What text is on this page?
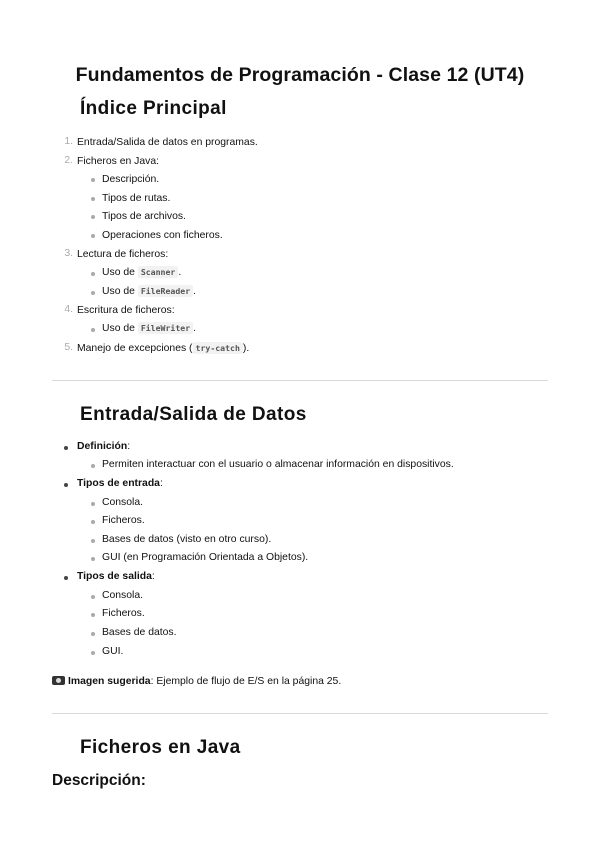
Fundamentos de Programación - Clase 12 (UT4)
Índice Principal
1. Entrada/Salida de datos en programas.
2. Ficheros en Java:
Descripción.
Tipos de rutas.
Tipos de archivos.
Operaciones con ficheros.
3. Lectura de ficheros:
Uso de Scanner .
Uso de FileReader .
4. Escritura de ficheros:
Uso de FileWriter .
5. Manejo de excepciones ( try-catch ).
Entrada/Salida de Datos
Definición:
Permiten interactuar con el usuario o almacenar información en dispositivos.
Tipos de entrada:
Consola.
Ficheros.
Bases de datos (visto en otro curso).
GUI (en Programación Orientada a Objetos).
Tipos de salida:
Consola.
Ficheros.
Bases de datos.
GUI.
Imagen sugerida: Ejemplo de flujo de E/S en la página 25.
Ficheros en Java
Descripción:
